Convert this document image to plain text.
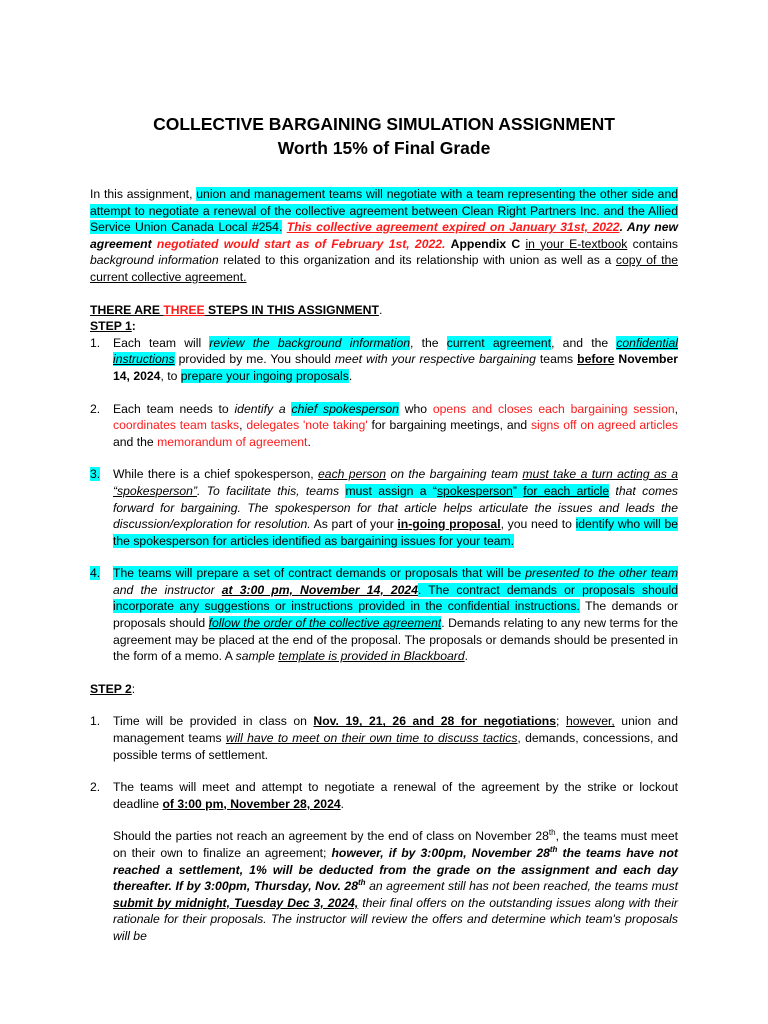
COLLECTIVE BARGAINING SIMULATION ASSIGNMENT
Worth 15% of Final Grade

In this assignment, union and management teams will negotiate with a team representing the other side and attempt to negotiate a renewal of the collective agreement between Clean Right Partners Inc. and the Allied Service Union Canada Local #254. This collective agreement expired on January 31st, 2022. Any new agreement negotiated would start as of February 1st, 2022. Appendix C in your E-textbook contains background information related to this organization and its relationship with union as well as a copy of the current collective agreement.

THERE ARE THREE STEPS IN THIS ASSIGNMENT.

STEP 1:

1.	Each team will review the background information, the current agreement, and the confidential instructions provided by me. You should meet with your respective bargaining teams before November 14, 2024, to prepare your ingoing proposals.
2.	Each team needs to identify a chief spokesperson who opens and closes each bargaining session, coordinates team tasks, delegates 'note taking' for bargaining meetings, and signs off on agreed articles and the memorandum of agreement.
3.	While there is a chief spokesperson, each person on the bargaining team must take a turn acting as a “spokesperson”. To facilitate this, teams must assign a “spokesperson” for each article that comes forward for bargaining. The spokesperson for that article helps articulate the issues and leads the discussion/exploration for resolution. As part of your in-going proposal, you need to identify who will be the spokesperson for articles identified as bargaining issues for your team.
4.	The teams will prepare a set of contract demands or proposals that will be presented to the other team and the instructor at 3:00 pm, November 14, 2024. The contract demands or proposals should incorporate any suggestions or instructions provided in the confidential instructions. The demands or proposals should follow the order of the collective agreement. Demands relating to any new terms for the agreement may be placed at the end of the proposal. The proposals or demands should be presented in the form of a memo. A sample template is provided in Blackboard.

STEP 2:

1.	Time will be provided in class on Nov. 19, 21, 26 and 28 for negotiations; however, union and management teams will have to meet on their own time to discuss tactics, demands, concessions, and possible terms of settlement.
2.	The teams will meet and attempt to negotiate a renewal of the agreement by the strike or lockout deadline of 3:00 pm, November 28, 2024.

Should the parties not reach an agreement by the end of class on November 28th, the teams must meet on their own to finalize an agreement; however, if by 3:00pm, November 28th the teams have not reached a settlement, 1% will be deducted from the grade on the assignment and each day thereafter. If by 3:00pm, Thursday, Nov. 28th an agreement still has not been reached, the teams must submit by midnight, Tuesday Dec 3, 2024, their final offers on the outstanding issues along with their rationale for their proposals. The instructor will review the offers and determine which team's proposals will be
